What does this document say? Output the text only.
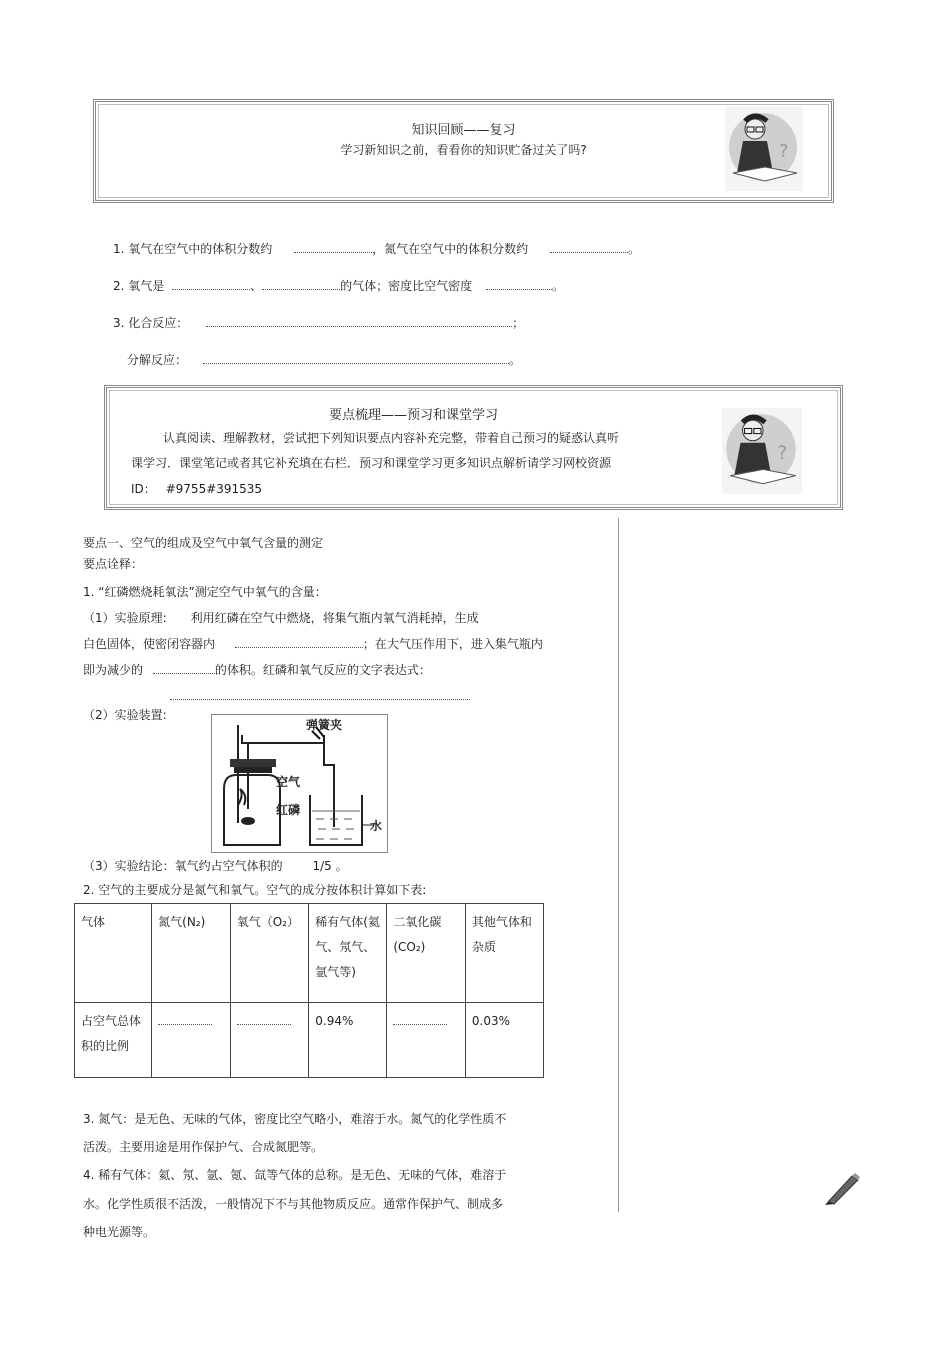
知识回顾——复习
学习新知识之前，看看你的知识贮备过关了吗?	?
1. 氧气在空气中的体积分数约	，氮气在空气中的体积分数约	。
2. 氧气是	、	的气体；密度比空气密度	。
3. 化合反应：	；
分解反应：	。
要点梳理——预习和课堂学习
认真阅读、理解教材，尝试把下列知识要点内容补充完整，带着自己预习的疑惑认真听
课学习．课堂笔记或者其它补充填在右栏．预习和课堂学习更多知识点解析请学习网校资源
ID： #9755#391535
?
要点一、空气的组成及空气中氧气含量的测定
要点诠释：
1. “红磷燃烧耗氧法”测定空气中氧气的含量：
（1）实验原理:　　利用红磷在空气中燃烧，将集气瓶内氧气消耗掉，生成
白色固体，使密闭容器内	；在大气压作用下，进入集气瓶内
即为减少的	的体积。红磷和氧气反应的文字表达式：
（2）实验装置:
弹簧夹
空气
红磷
水
（3）实验结论：氧气约占空气体积的 1/5 。
2. 空气的主要成分是氮气和氧气。空气的成分按体积计算如下表:
气体	氮气(N₂)	氧气（O₂）	稀有气体(氦气、氖气、氩气等)	二氧化碳(CO₂)	其他气体和杂质
占空气总体积的比例			0.94%		0.03%
3. 氮气：是无色、无味的气体，密度比空气略小，难溶于水。氮气的化学性质不
活泼。主要用途是用作保护气、合成氮肥等。
4. 稀有气体：氦、氖、氩、氪、氙等气体的总称。是无色、无味的气体，难溶于
水。化学性质很不活泼，一般情况下不与其他物质反应。通常作保护气、制成多
种电光源等。
